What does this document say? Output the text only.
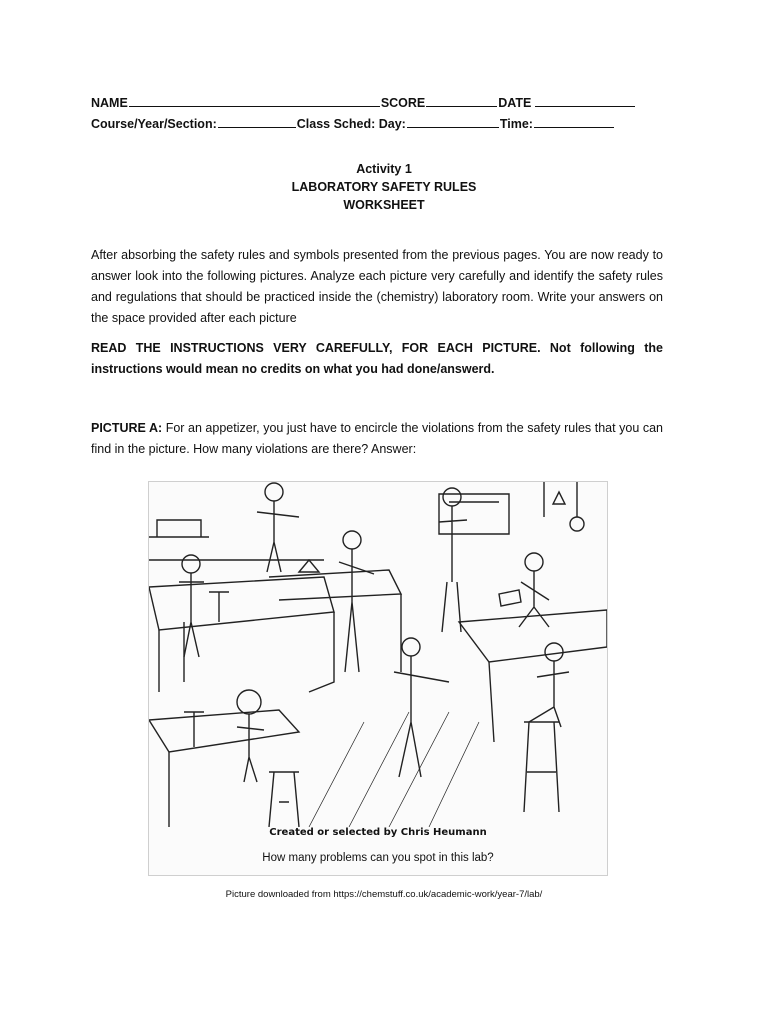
NAME	SCORE	DATE
Course/Year/Section:	Class Sched: Day:	Time:
Activity 1
LABORATORY SAFETY RULES
WORKSHEET
After absorbing the safety rules and symbols presented from the previous pages. You are now ready to answer look into the following pictures. Analyze each picture very carefully and identify the safety rules and regulations that should be practiced inside the (chemistry) laboratory room. Write your answers on the space provided after each picture
READ THE INSTRUCTIONS VERY CAREFULLY, FOR EACH PICTURE. Not following the instructions would mean no credits on what you had done/answerd.
PICTURE A: For an appetizer, you just have to encircle the violations from the safety rules that you can find in the picture. How many violations are there? Answer:
Created or selected by Chris Heumann
How many problems can you spot in this lab?
Picture downloaded from https://chemstuff.co.uk/academic-work/year-7/lab/
